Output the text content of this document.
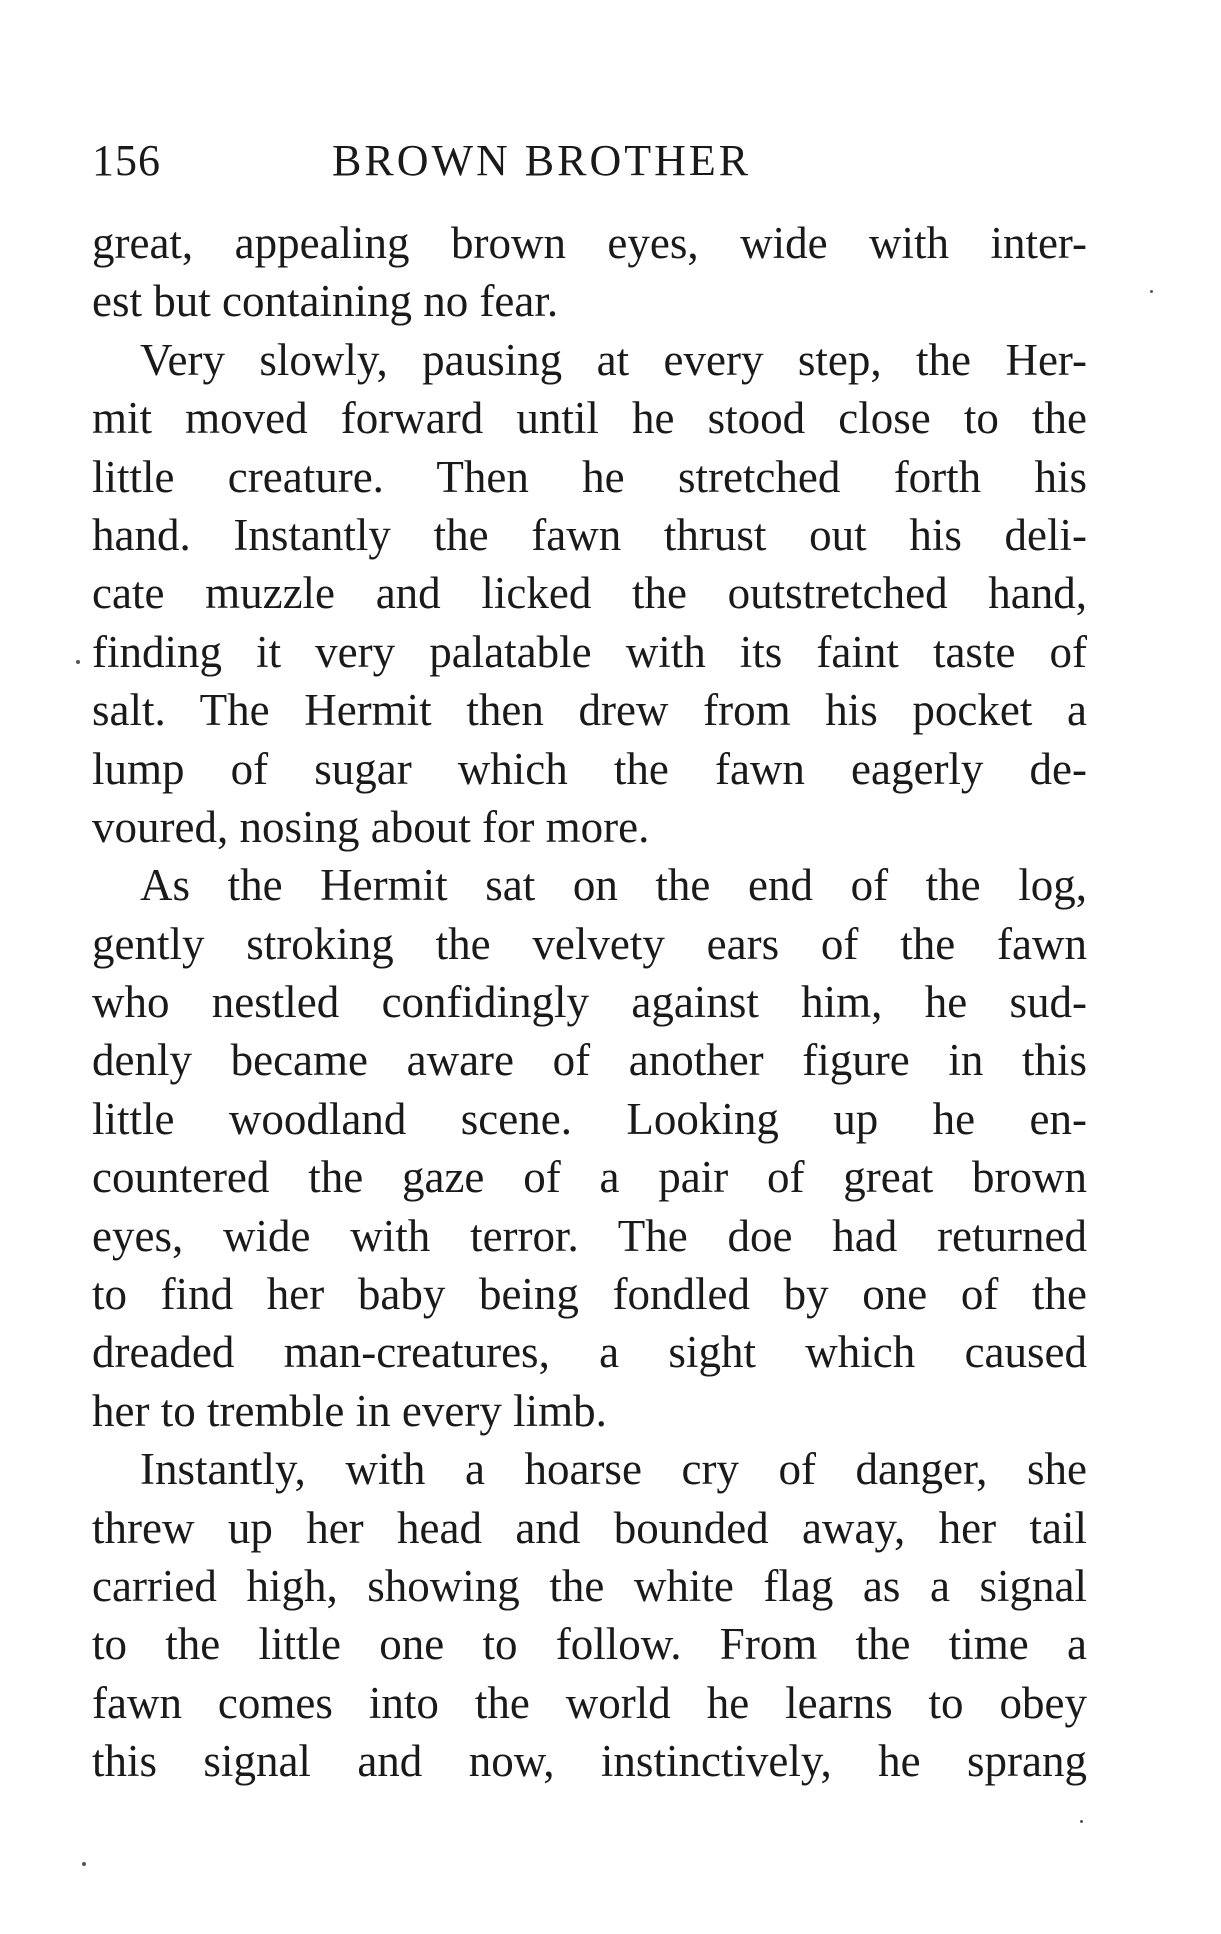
156	BROWN BROTHER
great, appealing brown eyes, wide with inter-
est but containing no fear.
Very slowly, pausing at every step, the Her-
mit moved forward until he stood close to the
little creature. Then he stretched forth his
hand. Instantly the fawn thrust out his deli-
cate muzzle and licked the outstretched hand,
finding it very palatable with its faint taste of
salt. The Hermit then drew from his pocket a
lump of sugar which the fawn eagerly de-
voured, nosing about for more.
As the Hermit sat on the end of the log,
gently stroking the velvety ears of the fawn
who nestled confidingly against him, he sud-
denly became aware of another figure in this
little woodland scene. Looking up he en-
countered the gaze of a pair of great brown
eyes, wide with terror. The doe had returned
to find her baby being fondled by one of the
dreaded man-creatures, a sight which caused
her to tremble in every limb.
Instantly, with a hoarse cry of danger, she
threw up her head and bounded away, her tail
carried high, showing the white flag as a signal
to the little one to follow. From the time a
fawn comes into the world he learns to obey
this signal and now, instinctively, he sprang
